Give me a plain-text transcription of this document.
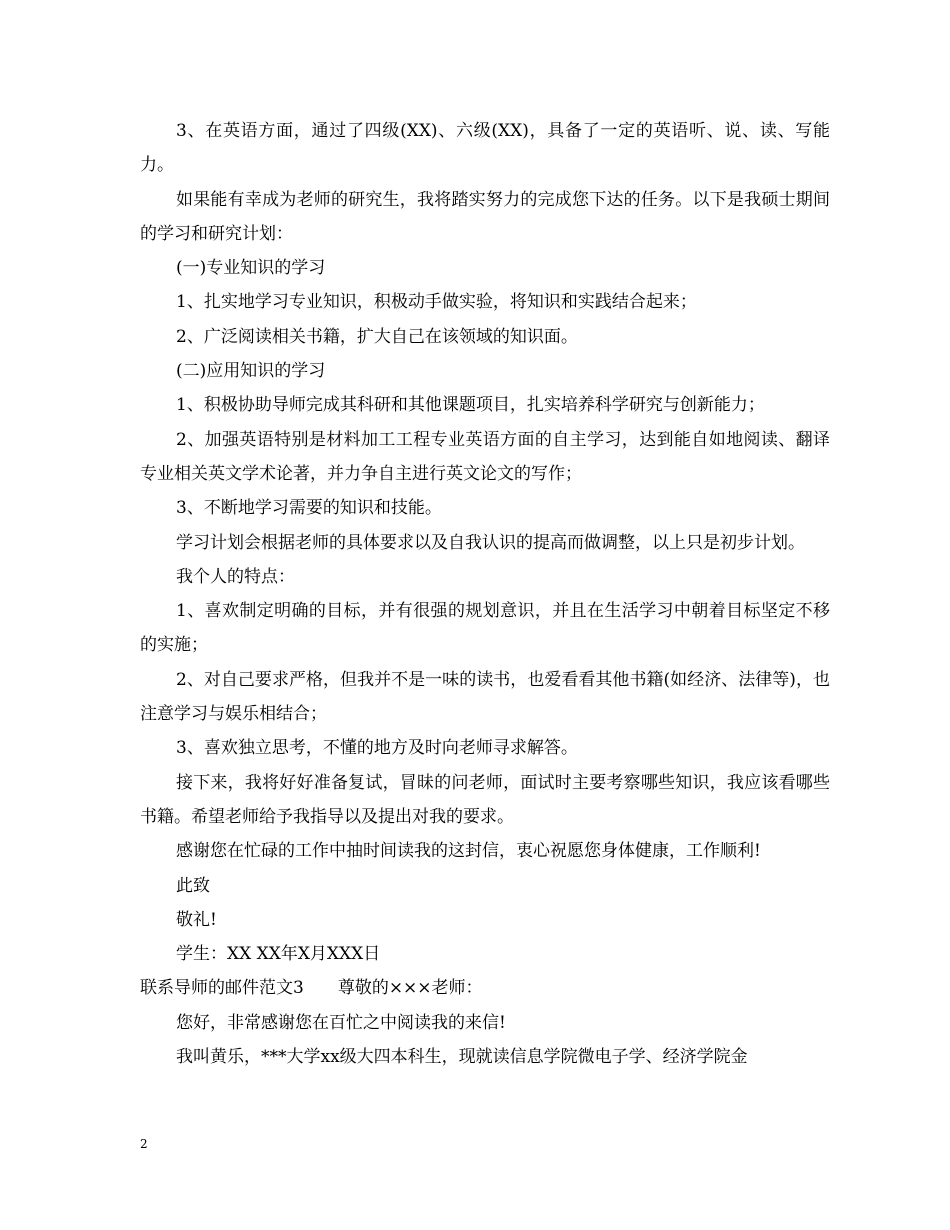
3、在英语方面，通过了四级(XX)、六级(XX)，具备了一定的英语听、说、读、写能力。

如果能有幸成为老师的研究生，我将踏实努力的完成您下达的任务。以下是我硕士期间的学习和研究计划：

(一)专业知识的学习

1、扎实地学习专业知识，积极动手做实验，将知识和实践结合起来；

2、广泛阅读相关书籍，扩大自己在该领域的知识面。

(二)应用知识的学习

1、积极协助导师完成其科研和其他课题项目，扎实培养科学研究与创新能力；

2、加强英语特别是材料加工工程专业英语方面的自主学习，达到能自如地阅读、翻译专业相关英文学术论著，并力争自主进行英文论文的写作；

3、不断地学习需要的知识和技能。

学习计划会根据老师的具体要求以及自我认识的提高而做调整，以上只是初步计划。

我个人的特点：

1、喜欢制定明确的目标，并有很强的规划意识，并且在生活学习中朝着目标坚定不移的实施；

2、对自己要求严格，但我并不是一味的读书，也爱看看其他书籍(如经济、法律等)，也注意学习与娱乐相结合；

3、喜欢独立思考，不懂的地方及时向老师寻求解答。

接下来，我将好好准备复试，冒昧的问老师，面试时主要考察哪些知识，我应该看哪些书籍。希望老师给予我指导以及提出对我的要求。

感谢您在忙碌的工作中抽时间读我的这封信，衷心祝愿您身体健康，工作顺利!

此致

敬礼!

学生：XX XX年X月XXX日

联系导师的邮件范文3　　尊敬的×××老师：

您好，非常感谢您在百忙之中阅读我的来信!

我叫黄乐，***大学xx级大四本科生，现就读信息学院微电子学、经济学院金

2
